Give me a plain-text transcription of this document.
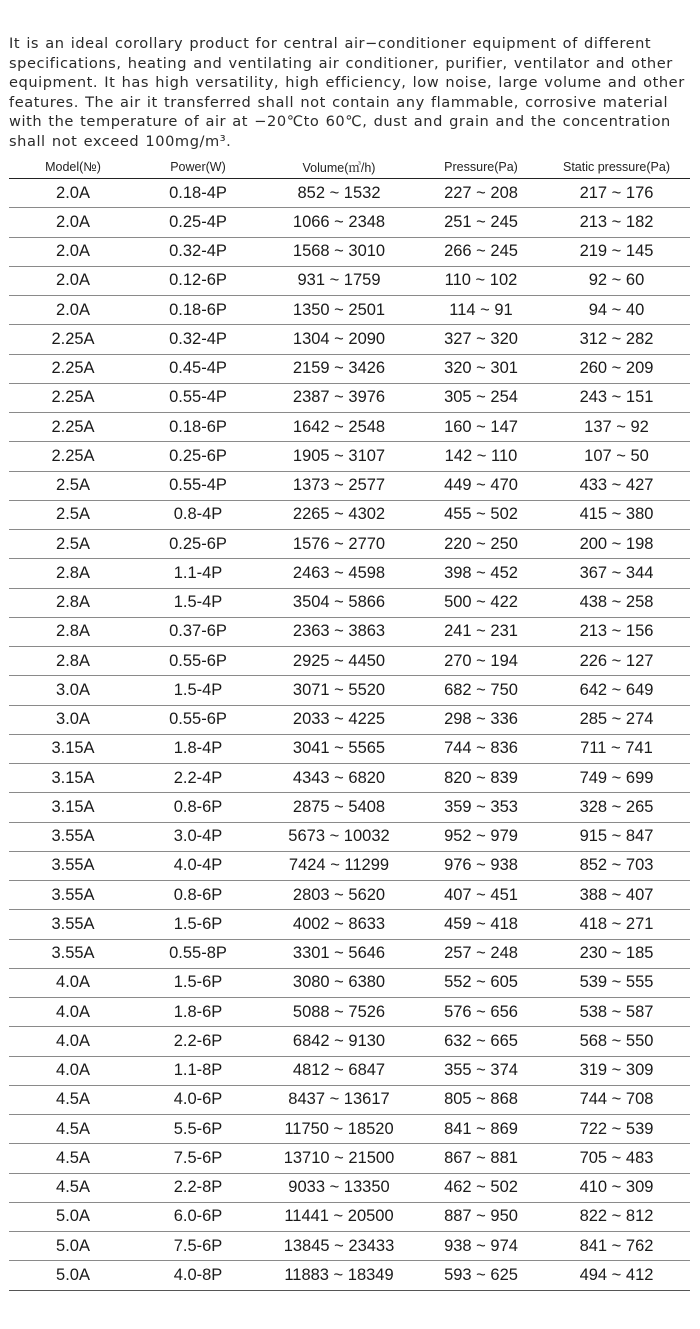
It is an ideal corollary product for central air−conditioner equipment of different specifications, heating and ventilating air conditioner, purifier, ventilator and other equipment. It has high versatility, high efficiency, low noise, large volume and other features. The air it transferred shall not contain any flammable, corrosive material with the temperature of air at −20℃to 60℃, dust and grain and the concentration shall not exceed 100mg/m³.

Model(№)	Power(W)	Volume(㎥/h)	Pressure(Pa)	Static pressure(Pa)
2.0A	0.18-4P	852 ~ 1532	227 ~ 208	217 ~ 176
2.0A	0.25-4P	1066 ~ 2348	251 ~ 245	213 ~ 182
2.0A	0.32-4P	1568 ~ 3010	266 ~ 245	219 ~ 145
2.0A	0.12-6P	931 ~ 1759	110 ~ 102	92 ~ 60
2.0A	0.18-6P	1350 ~ 2501	114 ~ 91	94 ~ 40
2.25A	0.32-4P	1304 ~ 2090	327 ~ 320	312 ~ 282
2.25A	0.45-4P	2159 ~ 3426	320 ~ 301	260 ~ 209
2.25A	0.55-4P	2387 ~ 3976	305 ~ 254	243 ~ 151
2.25A	0.18-6P	1642 ~ 2548	160 ~ 147	137 ~ 92
2.25A	0.25-6P	1905 ~ 3107	142 ~ 110	107 ~ 50
2.5A	0.55-4P	1373 ~ 2577	449 ~ 470	433 ~ 427
2.5A	0.8-4P	2265 ~ 4302	455 ~ 502	415 ~ 380
2.5A	0.25-6P	1576 ~ 2770	220 ~ 250	200 ~ 198
2.8A	1.1-4P	2463 ~ 4598	398 ~ 452	367 ~ 344
2.8A	1.5-4P	3504 ~ 5866	500 ~ 422	438 ~ 258
2.8A	0.37-6P	2363 ~ 3863	241 ~ 231	213 ~ 156
2.8A	0.55-6P	2925 ~ 4450	270 ~ 194	226 ~ 127
3.0A	1.5-4P	3071 ~ 5520	682 ~ 750	642 ~ 649
3.0A	0.55-6P	2033 ~ 4225	298 ~ 336	285 ~ 274
3.15A	1.8-4P	3041 ~ 5565	744 ~ 836	711 ~ 741
3.15A	2.2-4P	4343 ~ 6820	820 ~ 839	749 ~ 699
3.15A	0.8-6P	2875 ~ 5408	359 ~ 353	328 ~ 265
3.55A	3.0-4P	5673 ~ 10032	952 ~ 979	915 ~ 847
3.55A	4.0-4P	7424 ~ 11299	976 ~ 938	852 ~ 703
3.55A	0.8-6P	2803 ~ 5620	407 ~ 451	388 ~ 407
3.55A	1.5-6P	4002 ~ 8633	459 ~ 418	418 ~ 271
3.55A	0.55-8P	3301 ~ 5646	257 ~ 248	230 ~ 185
4.0A	1.5-6P	3080 ~ 6380	552 ~ 605	539 ~ 555
4.0A	1.8-6P	5088 ~ 7526	576 ~ 656	538 ~ 587
4.0A	2.2-6P	6842 ~ 9130	632 ~ 665	568 ~ 550
4.0A	1.1-8P	4812 ~ 6847	355 ~ 374	319 ~ 309
4.5A	4.0-6P	8437 ~ 13617	805 ~ 868	744 ~ 708
4.5A	5.5-6P	11750 ~ 18520	841 ~ 869	722 ~ 539
4.5A	7.5-6P	13710 ~ 21500	867 ~ 881	705 ~ 483
4.5A	2.2-8P	9033 ~ 13350	462 ~ 502	410 ~ 309
5.0A	6.0-6P	11441 ~ 20500	887 ~ 950	822 ~ 812
5.0A	7.5-6P	13845 ~ 23433	938 ~ 974	841 ~ 762
5.0A	4.0-8P	11883 ~ 18349	593 ~ 625	494 ~ 412
